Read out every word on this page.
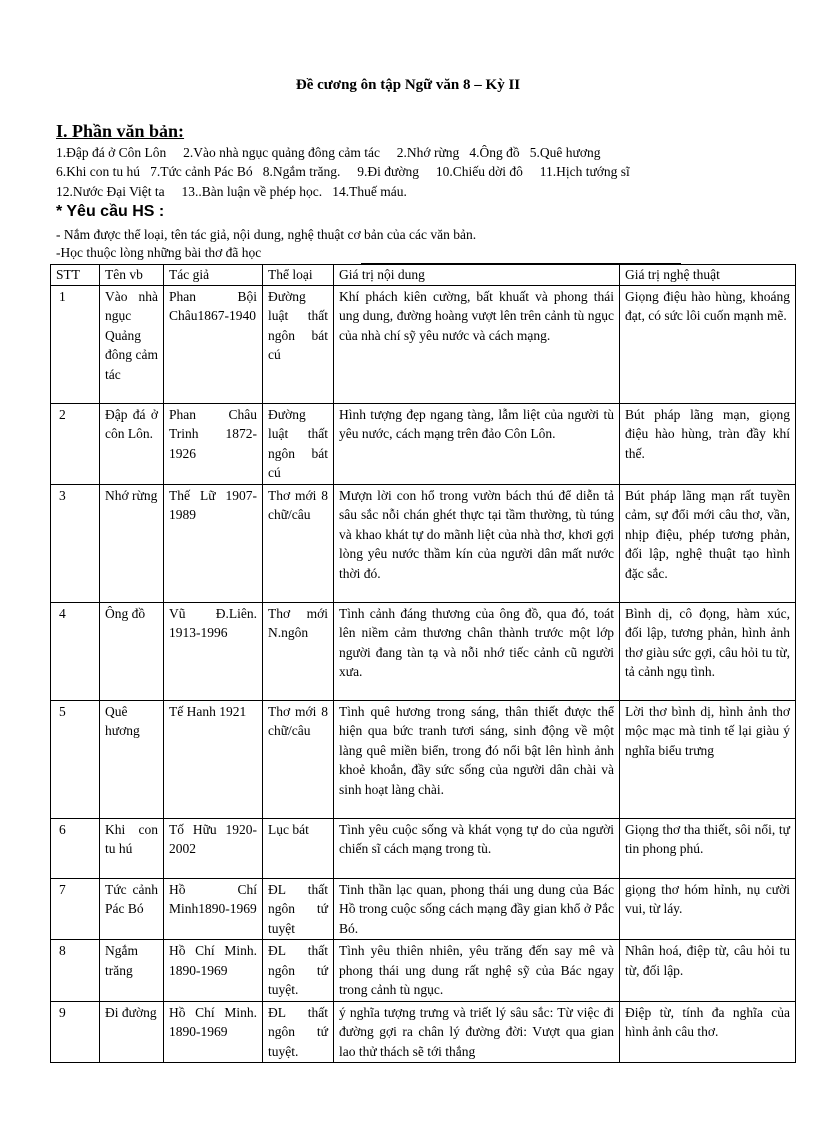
Đề cương ôn tập Ngữ văn 8 – Kỳ II
I. Phần văn bản:
1.Đập đá ở Côn Lôn     2.Vào nhà ngục quảng đông cảm tác     2.Nhớ rừng   4.Ông đồ   5.Quê hương
6.Khi con tu hú   7.Tức cảnh Pác Bó   8.Ngắm trăng.     9.Đi đường     10.Chiếu dời đô     11.Hịch tướng sĩ
12.Nước Đại Việt ta     13..Bàn luận về phép học.   14.Thuế máu.
* Yêu cầu HS :
- Nắm được thể loại, tên tác giả, nội dung, nghệ thuật cơ bản của các văn bản.
-Học thuộc lòng những bài thơ đã học
STT	Tên vb	Tác giả	Thể loại	Giá trị nội dung	Giá trị nghệ thuật
1	Vào nhà ngục Quảng đông cảm tác	Phan Bội Châu1867-1940	Đường luật thất ngôn bát cú	Khí phách kiên cường, bất khuất và phong thái ung dung, đường hoàng vượt lên trên cảnh tù ngục của nhà chí sỹ yêu nước và cách mạng.	Giọng điệu hào hùng, khoáng đạt, có sức lôi cuốn mạnh mẽ.
2	Đập đá ở côn Lôn.	Phan Châu Trinh 1872-1926	Đường luật thất ngôn bát cú	Hình tượng đẹp ngang tàng, lẫm liệt của người tù yêu nước, cách mạng trên đảo Côn Lôn.	Bút pháp lãng mạn, giọng điệu hào hùng, tràn đầy khí thế.
3	Nhớ rừng	Thế Lữ 1907-1989	Thơ mới 8 chữ/câu	Mượn lời con hổ trong vườn bách thú để diễn tả sâu sắc nỗi chán ghét thực tại tầm thường, tù túng và khao khát tự do mãnh liệt của nhà thơ, khơi gợi lòng yêu nước thầm kín của người dân mất nước thời đó.	Bút pháp lãng mạn rất tuyền cảm, sự đổi mới câu thơ, vần, nhịp điệu, phép tương phản, đối lập, nghệ thuật tạo hình đặc sắc.
4	Ông đồ	Vũ Đ.Liên. 1913-1996	Thơ mới N.ngôn	Tình cảnh đáng thương của ông đồ, qua đó, toát lên niềm cảm thương chân thành trước một lớp người đang tàn tạ và nỗi nhớ tiếc cảnh cũ người xưa.	Bình dị, cô đọng, hàm xúc, đối lập, tương phản, hình ảnh thơ giàu sức gợi, câu hỏi tu từ, tả cảnh ngụ tình.
5	Quê hương	Tế Hanh 1921	Thơ mới 8 chữ/câu	Tình quê hương trong sáng, thân thiết được thể hiện qua bức tranh tươi sáng, sinh động về một làng quê miền biển, trong đó nổi bật lên hình ảnh khoẻ khoắn, đầy sức sống của người dân chài và sinh hoạt làng chài.	Lời thơ bình dị, hình ảnh thơ mộc mạc mà tinh tế lại giàu ý nghĩa biểu trưng
6	Khi con tu hú	Tố Hữu 1920- 2002	Lục bát	Tình yêu cuộc sống và khát vọng tự do của người chiến sĩ cách mạng trong tù.	Giọng thơ tha thiết, sôi nổi, tự tin phong phú.
7	Tức cảnh Pác Bó	Hồ Chí Minh1890-1969	ĐL thất ngôn tứ tuyệt	Tinh thần lạc quan, phong thái ung dung của Bác Hồ trong cuộc sống cách mạng đầy gian khổ ở Pắc Bó.	giọng thơ hóm hỉnh, nụ cười vui, từ láy.
8	Ngắm trăng	Hồ Chí Minh. 1890-1969	ĐL thất ngôn tứ tuyệt.	Tình yêu thiên nhiên, yêu trăng đến say mê và phong thái ung dung rất nghệ sỹ của Bác ngay trong cảnh tù ngục.	Nhân hoá, điệp từ, câu hỏi tu từ, đối lập.
9	Đi đường	Hồ Chí Minh. 1890-1969	ĐL thất ngôn tứ tuyệt.	ý nghĩa tượng trưng và triết lý sâu sắc: Từ việc đi đường gợi ra chân lý đường đời: Vượt qua gian lao thử thách sẽ tới thắng	Điệp từ, tính đa nghĩa của hình ảnh câu thơ.
